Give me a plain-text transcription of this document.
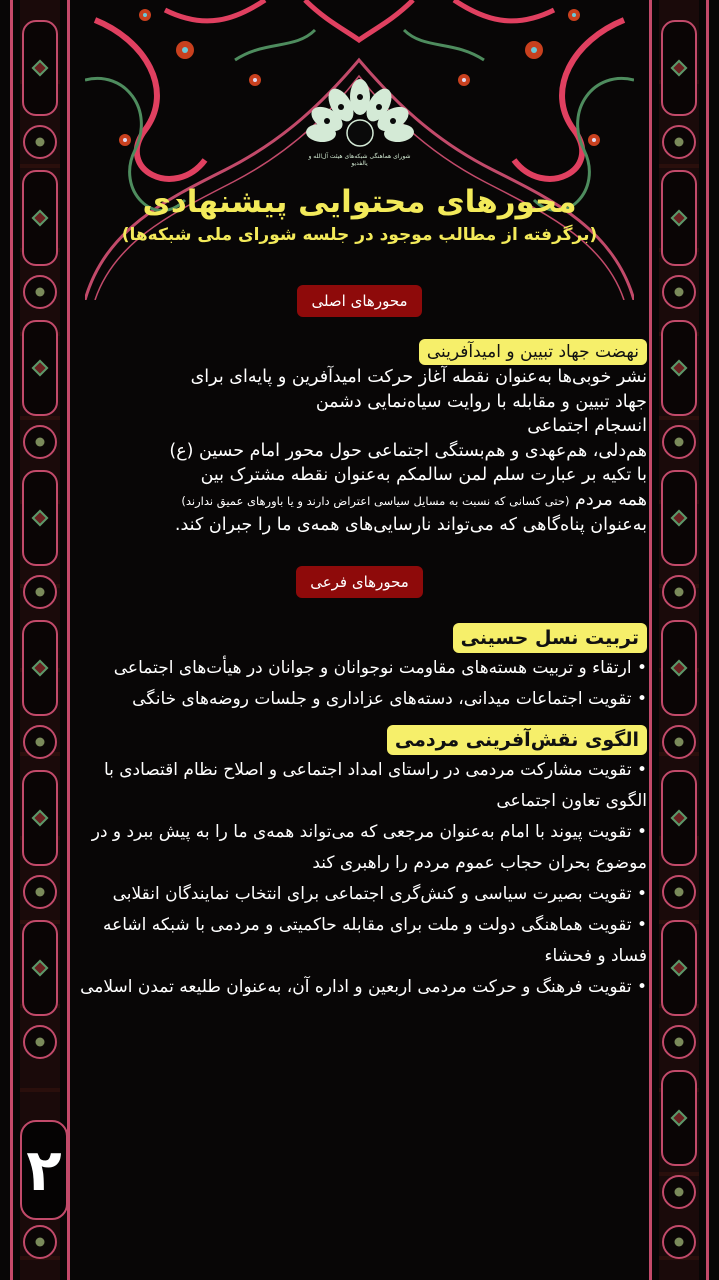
۲
شورای هماهنگی شبکه‌های هیئت آل‌الله و یالفدیو
محورهای محتوایی پیشنهادی
(برگرفته از مطالب موجود در جلسه شورای ملی شبکه‌ها)
محورهای اصلی
نهضت جهاد تبیین و امیدآفرینی
نشر خوبی‌ها به‌عنوان نقطه آغاز حرکت امیدآفرین و پایه‌ای برای
جهاد تبیین و مقابله با روایت سیاه‌نمایی دشمن
انسجام اجتماعی
هم‌دلی، هم‌عهدی و هم‌بستگی اجتماعی حول محور امام حسین (ع)
با تکیه بر عبارت سلم لمن سالمکم به‌عنوان نقطه مشترک بین
همه مردم (حتی کسانی که نسبت به مسایل سیاسی اعتراض دارند و یا باورهای عمیق ندارند)
به‌عنوان پناه‌گاهی که می‌تواند نارسایی‌های همه‌ی ما را جبران کند.
محورهای فرعی
تربیت نسل حسینی
• ارتقاء و تربیت هسته‌های مقاومت نوجوانان و جوانان در هیأت‌های اجتماعی
• تقویت اجتماعات میدانی، دسته‌های عزاداری و جلسات روضه‌های خانگی
الگوی نقش‌آفرینی مردمی
• تقویت مشارکت مردمی در راستای امداد اجتماعی و اصلاح نظام اقتصادی با الگوی تعاون اجتماعی
• تقویت پیوند با امام به‌عنوان مرجعی که می‌تواند همه‌ی ما را به پیش ببرد و در موضوع بحران حجاب عموم مردم را راهبری کند
• تقویت بصیرت سیاسی و کنش‌گری اجتماعی برای انتخاب نمایندگان انقلابی
• تقویت هماهنگی دولت و ملت برای مقابله حاکمیتی و مردمی با شبکه اشاعه فساد و فحشاء
• تقویت فرهنگ و حرکت مردمی اربعین و اداره آن، به‌عنوان طلیعه تمدن اسلامی
